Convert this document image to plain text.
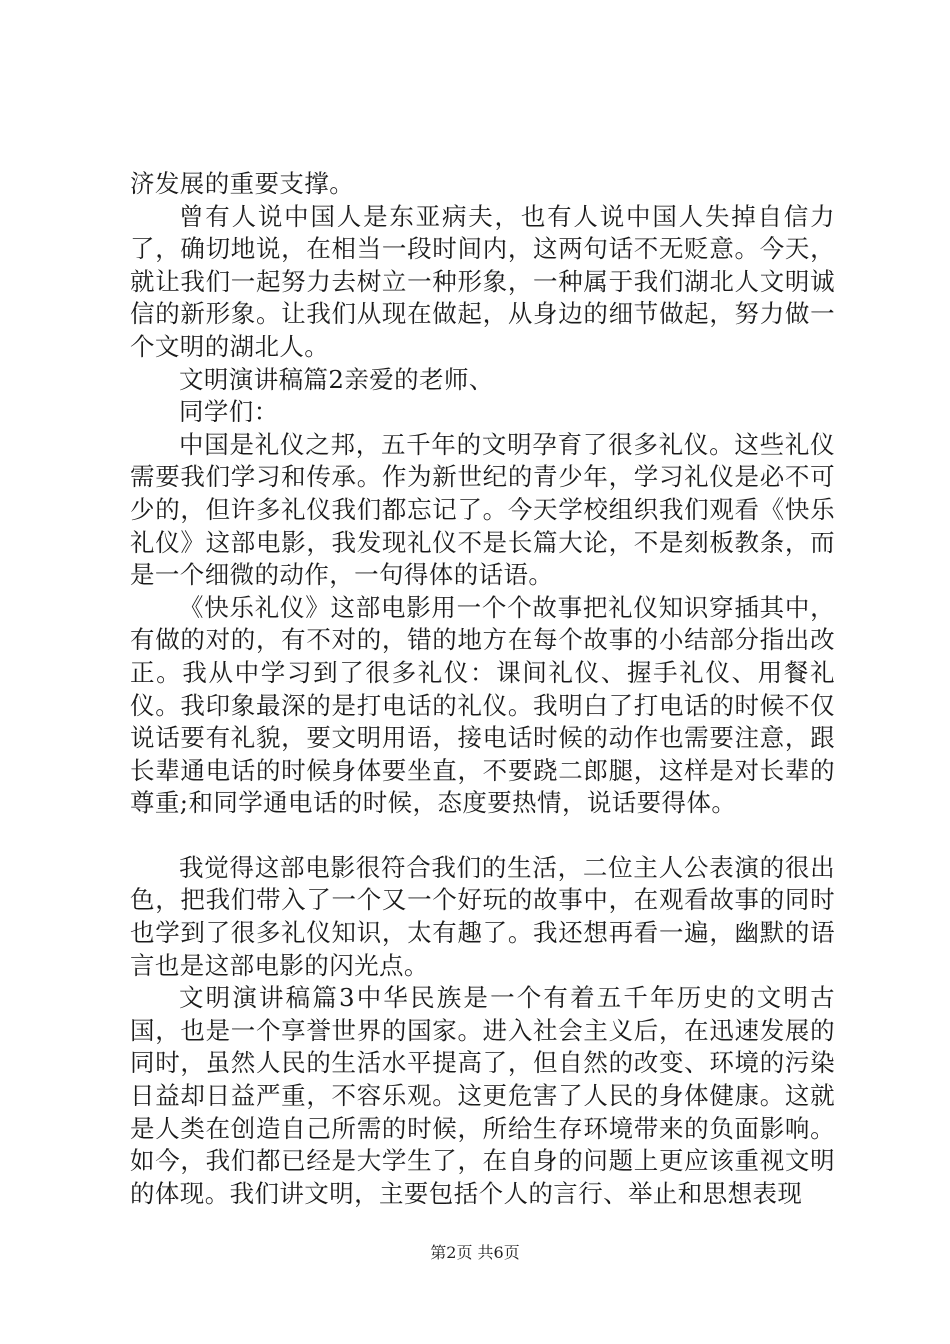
济发展的重要支撑。

曾有人说中国人是东亚病夫，也有人说中国人失掉自信力了，确切地说，在相当一段时间内，这两句话不无贬意。今天，就让我们一起努力去树立一种形象，一种属于我们湖北人文明诚信的新形象。让我们从现在做起，从身边的细节做起，努力做一个文明的湖北人。

文明演讲稿篇2亲爱的老师、

同学们：

中国是礼仪之邦，五千年的文明孕育了很多礼仪。这些礼仪需要我们学习和传承。作为新世纪的青少年，学习礼仪是必不可少的，但许多礼仪我们都忘记了。今天学校组织我们观看《快乐礼仪》这部电影，我发现礼仪不是长篇大论，不是刻板教条，而是一个细微的动作，一句得体的话语。

《快乐礼仪》这部电影用一个个故事把礼仪知识穿插其中，有做的对的，有不对的，错的地方在每个故事的小结部分指出改正。我从中学习到了很多礼仪：课间礼仪、握手礼仪、用餐礼仪。我印象最深的是打电话的礼仪。我明白了打电话的时候不仅说话要有礼貌，要文明用语，接电话时候的动作也需要注意，跟长辈通电话的时候身体要坐直，不要跷二郎腿，这样是对长辈的尊重;和同学通电话的时候，态度要热情，说话要得体。

我觉得这部电影很符合我们的生活，二位主人公表演的很出色，把我们带入了一个又一个好玩的故事中，在观看故事的同时也学到了很多礼仪知识，太有趣了。我还想再看一遍，幽默的语言也是这部电影的闪光点。

文明演讲稿篇3中华民族是一个有着五千年历史的文明古国，也是一个享誉世界的国家。进入社会主义后，在迅速发展的同时，虽然人民的生活水平提高了，但自然的改变、环境的污染日益却日益严重，不容乐观。这更危害了人民的身体健康。这就是人类在创造自己所需的时候，所给生存环境带来的负面影响。如今，我们都已经是大学生了，在自身的问题上更应该重视文明的体现。我们讲文明，主要包括个人的言行、举止和思想表现

第2页 共6页
